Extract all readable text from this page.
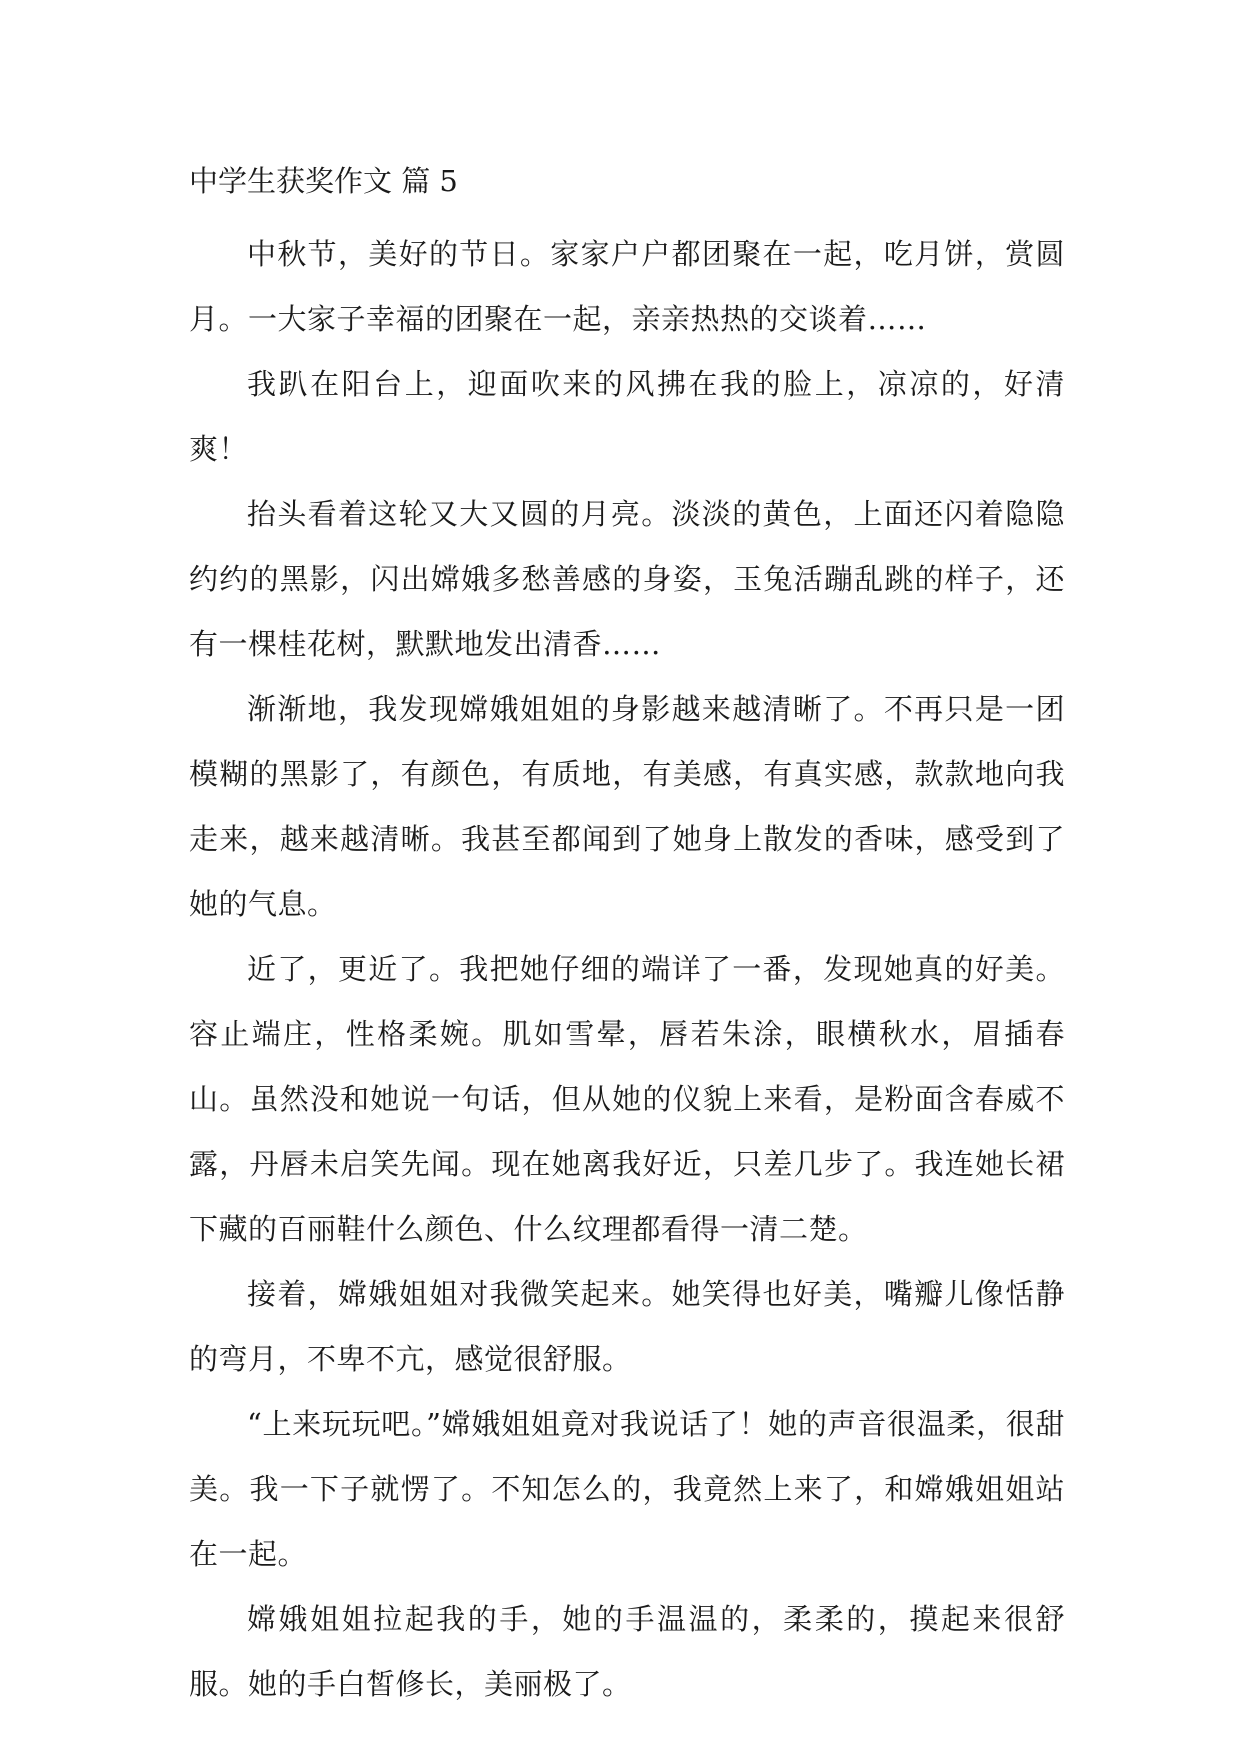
中学生获奖作文 篇 5

中秋节，美好的节日。家家户户都团聚在一起，吃月饼，赏圆月。一大家子幸福的团聚在一起，亲亲热热的交谈着……

我趴在阳台上，迎面吹来的风拂在我的脸上，凉凉的，好清爽！

抬头看着这轮又大又圆的月亮。淡淡的黄色，上面还闪着隐隐约约的黑影，闪出嫦娥多愁善感的身姿，玉兔活蹦乱跳的样子，还有一棵桂花树，默默地发出清香……

渐渐地，我发现嫦娥姐姐的身影越来越清晰了。不再只是一团模糊的黑影了，有颜色，有质地，有美感，有真实感，款款地向我走来，越来越清晰。我甚至都闻到了她身上散发的香味，感受到了她的气息。

近了，更近了。我把她仔细的端详了一番，发现她真的好美。容止端庄，性格柔婉。肌如雪晕，唇若朱涂，眼横秋水，眉插春山。虽然没和她说一句话，但从她的仪貌上来看，是粉面含春威不露，丹唇未启笑先闻。现在她离我好近，只差几步了。我连她长裙下藏的百丽鞋什么颜色、什么纹理都看得一清二楚。

接着，嫦娥姐姐对我微笑起来。她笑得也好美，嘴瓣儿像恬静的弯月，不卑不亢，感觉很舒服。

“上来玩玩吧。”嫦娥姐姐竟对我说话了！她的声音很温柔，很甜美。我一下子就愣了。不知怎么的，我竟然上来了，和嫦娥姐姐站在一起。

嫦娥姐姐拉起我的手，她的手温温的，柔柔的，摸起来很舒服。她的手白皙修长，美丽极了。
